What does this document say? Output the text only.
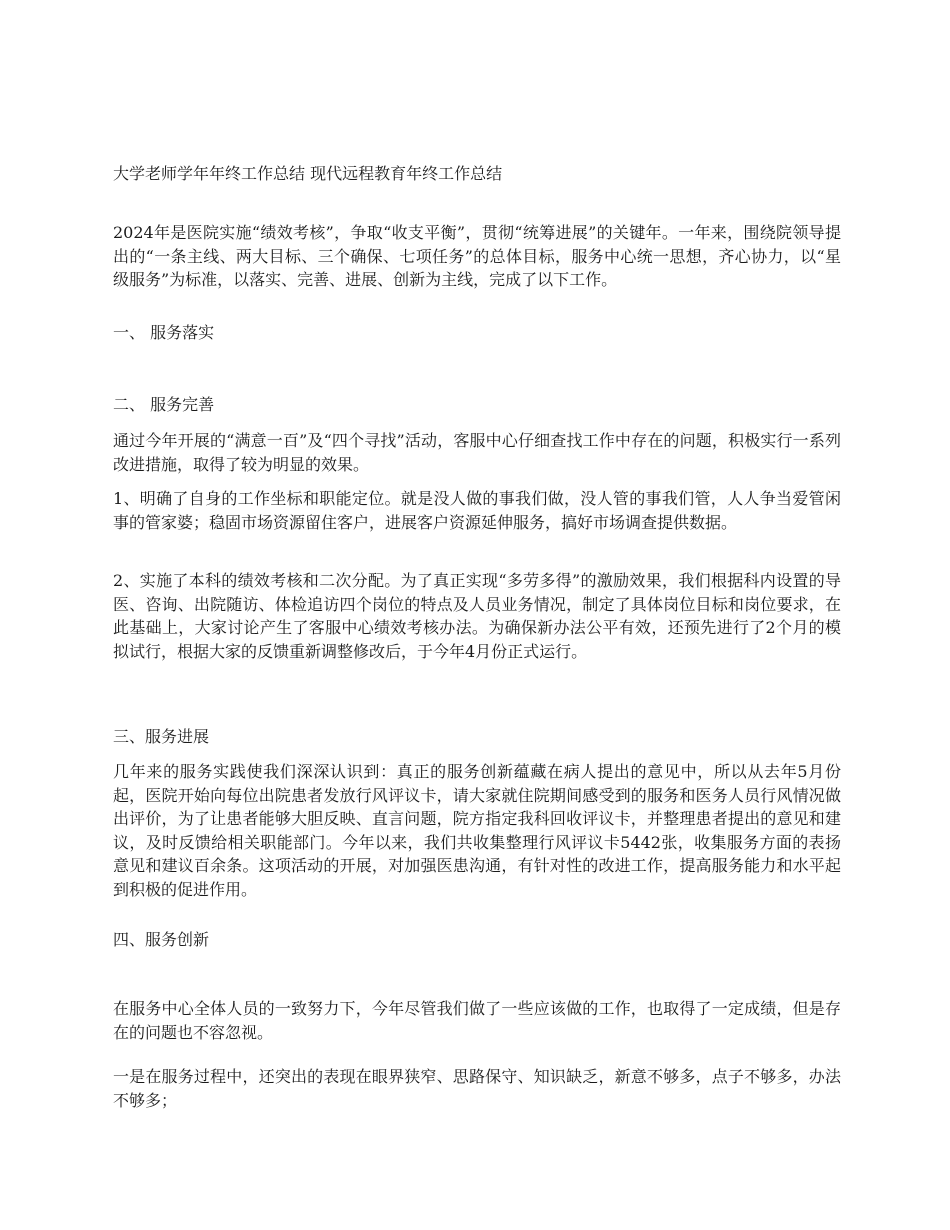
大学老师学年年终工作总结 现代远程教育年终工作总结

2024年是医院实施“绩效考核”，争取“收支平衡”，贯彻“统筹进展”的关键年。一年来，围绕院领导提出的“一条主线、两大目标、三个确保、七项任务”的总体目标，服务中心统一思想，齐心协力，以“星级服务”为标准，以落实、完善、进展、创新为主线，完成了以下工作。

一、 服务落实
二、 服务完善

通过今年开展的“满意一百”及“四个寻找”活动，客服中心仔细查找工作中存在的问题，积极实行一系列改进措施，取得了较为明显的效果。

1、明确了自身的工作坐标和职能定位。就是没人做的事我们做，没人管的事我们管，人人争当爱管闲事的管家婆；稳固市场资源留住客户，进展客户资源延伸服务，搞好市场调查提供数据。

2、实施了本科的绩效考核和二次分配。为了真正实现“多劳多得”的激励效果，我们根据科内设置的导医、咨询、出院随访、体检追访四个岗位的特点及人员业务情况，制定了具体岗位目标和岗位要求，在此基础上，大家讨论产生了客服中心绩效考核办法。为确保新办法公平有效，还预先进行了2个月的模拟试行，根据大家的反馈重新调整修改后，于今年4月份正式运行。

三、服务进展

几年来的服务实践使我们深深认识到：真正的服务创新蕴藏在病人提出的意见中，所以从去年5月份起，医院开始向每位出院患者发放行风评议卡，请大家就住院期间感受到的服务和医务人员行风情况做出评价，为了让患者能够大胆反映、直言问题，院方指定我科回收评议卡，并整理患者提出的意见和建议，及时反馈给相关职能部门。今年以来，我们共收集整理行风评议卡5442张，收集服务方面的表扬意见和建议百余条。这项活动的开展，对加强医患沟通，有针对性的改进工作，提高服务能力和水平起到积极的促进作用。

四、服务创新

在服务中心全体人员的一致努力下，今年尽管我们做了一些应该做的工作，也取得了一定成绩，但是存在的问题也不容忽视。

一是在服务过程中，还突出的表现在眼界狭窄、思路保守、知识缺乏，新意不够多，点子不够多，办法不够多；
